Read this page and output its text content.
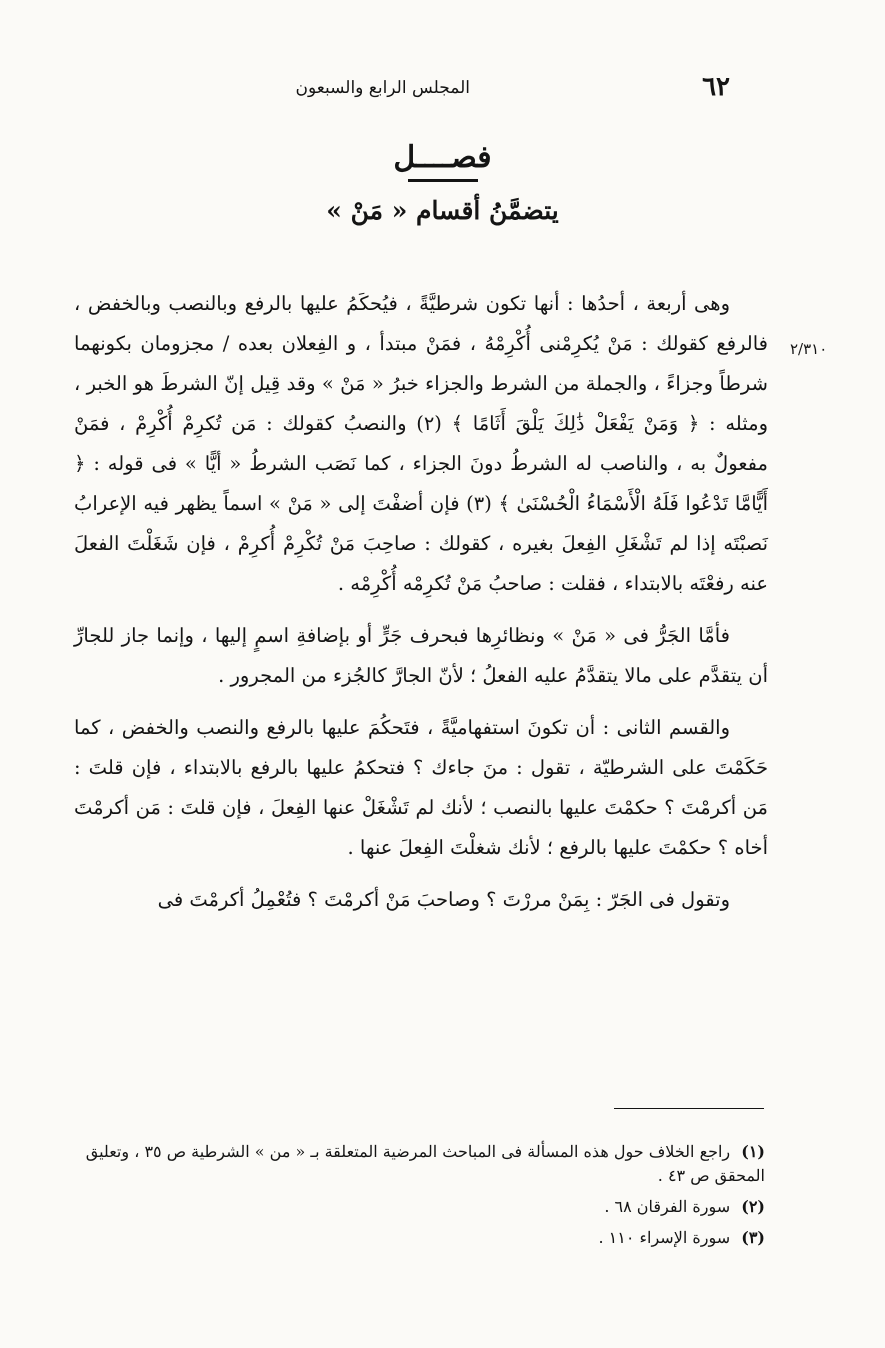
٦٢
المجلس الرابع والسبعون
فصــــل
يتضمَّنُ أقسام « مَنْ »
٢/٣١٠

وهى أربعة ، أحدُها : أنها تكون شرطيَّةً ، فيُحكَمُ عليها بالرفع وبالنصب وبالخفض ، فالرفع كقولك : مَنْ يُكرِمْنى أُكْرِمْهُ ، فمَنْ مبتدأ ، و الفِعلان بعده / مجزومان بكونهما شرطاً وجزاءً ، والجملة من الشرط والجزاء خبرُ « مَنْ » وقد قِيل إنّ الشرطَ هو الخبر ، ومثله : ﴿ وَمَنْ يَفْعَلْ ذَٰلِكَ يَلْقَ أَثَامًا ﴾ (٢) والنصبُ كقولك : مَن تُكرِمْ أُكْرِمْ ، فمَنْ مفعولٌ به ، والناصب له الشرطُ دونَ الجزاء ، كما نَصَب الشرطُ « أيًّا » فى قوله : ﴿ أَيًّامَّا تَدْعُوا فَلَهُ الْأَسْمَاءُ الْحُسْنَىٰ ﴾ (٣) فإن أضفْتَ إلى « مَنْ » اسماً يظهر فيه الإعرابُ نَصبْتَه إذا لم تَشْغَلِ الفِعلَ بغيره ، كقولك : صاحِبَ مَنْ تُكْرِمْ أُكرِمْ ، فإن شَغَلْتَ الفعلَ عنه رفعْتَه بالابتداء ، فقلت : صاحبُ مَنْ تُكرِمْه أُكْرِمْه .

فأمَّا الجَرُّ فى « مَنْ » ونظائرِها فبحرف جَرٍّ أو بإضافةِ اسمٍ إليها ، وإنما جاز للجارِّ أن يتقدَّم على مالا يتقدَّمُ عليه الفعلُ ؛ لأنّ الجارَّ كالجُزء من المجرور .

والقسم الثانى : أن تكونَ استفهاميَّةً ، فتَحكُمَ عليها بالرفع والنصب والخفض ، كما حَكَمْتَ على الشرطيّة ، تقول : منَ جاءك ؟ فتحكمُ عليها بالرفع بالابتداء ، فإن قلتَ : مَن أكرمْتَ ؟ حكمْتَ عليها بالنصب ؛ لأنك لم تَشْغَلْ عنها الفِعلَ ، فإن قلتَ : مَن أكرمْتَ أخاه ؟ حكمْتَ عليها بالرفع ؛ لأنك شغلْتَ الفِعلَ عنها .

وتقول فى الجَرّ : بِمَنْ مررْتَ ؟ وصاحبَ مَنْ أكرمْتَ ؟ فتُعْمِلُ أكرمْتَ فى

(١) راجع الخلاف حول هذه المسألة فى المباحث المرضية المتعلقة بـ « من » الشرطية ص ٣٥ ، وتعليق المحقق ص ٤٣ .

(٢) سورة الفرقان ٦٨ .

(٣) سورة الإسراء ١١٠ .
